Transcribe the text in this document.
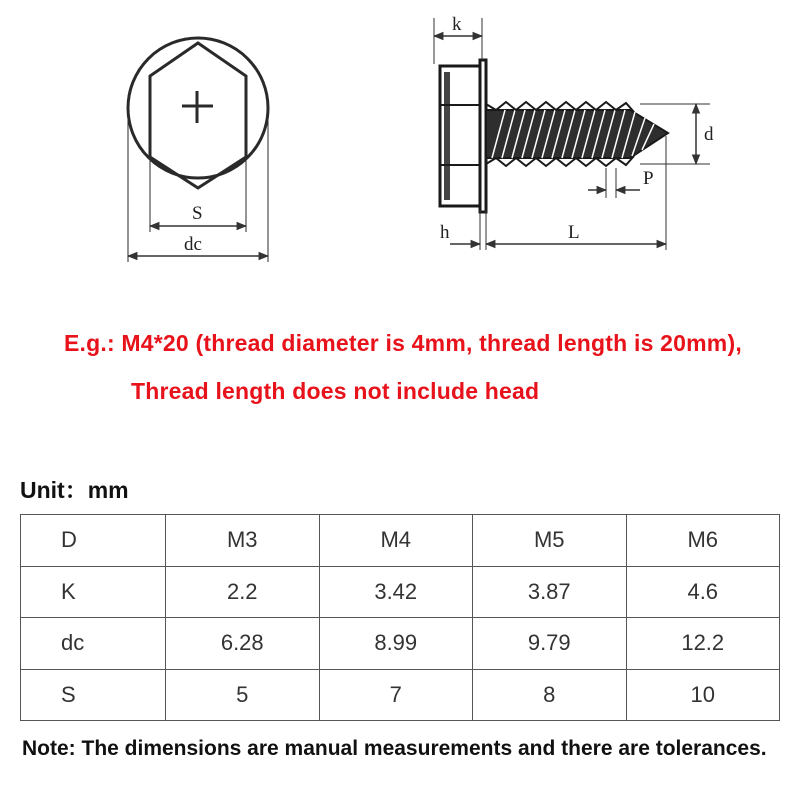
S
dc
k
d
P
h	L
E.g.: M4*20 (thread diameter is 4mm, thread length is 20mm),
Thread length does not include head
Unit：mm
D	M3	M4	M5	M6
K	2.2	3.42	3.87	4.6
dc	6.28	8.99	9.79	12.2
S	5	7	8	10
Note: The dimensions are manual measurements and there are tolerances.
